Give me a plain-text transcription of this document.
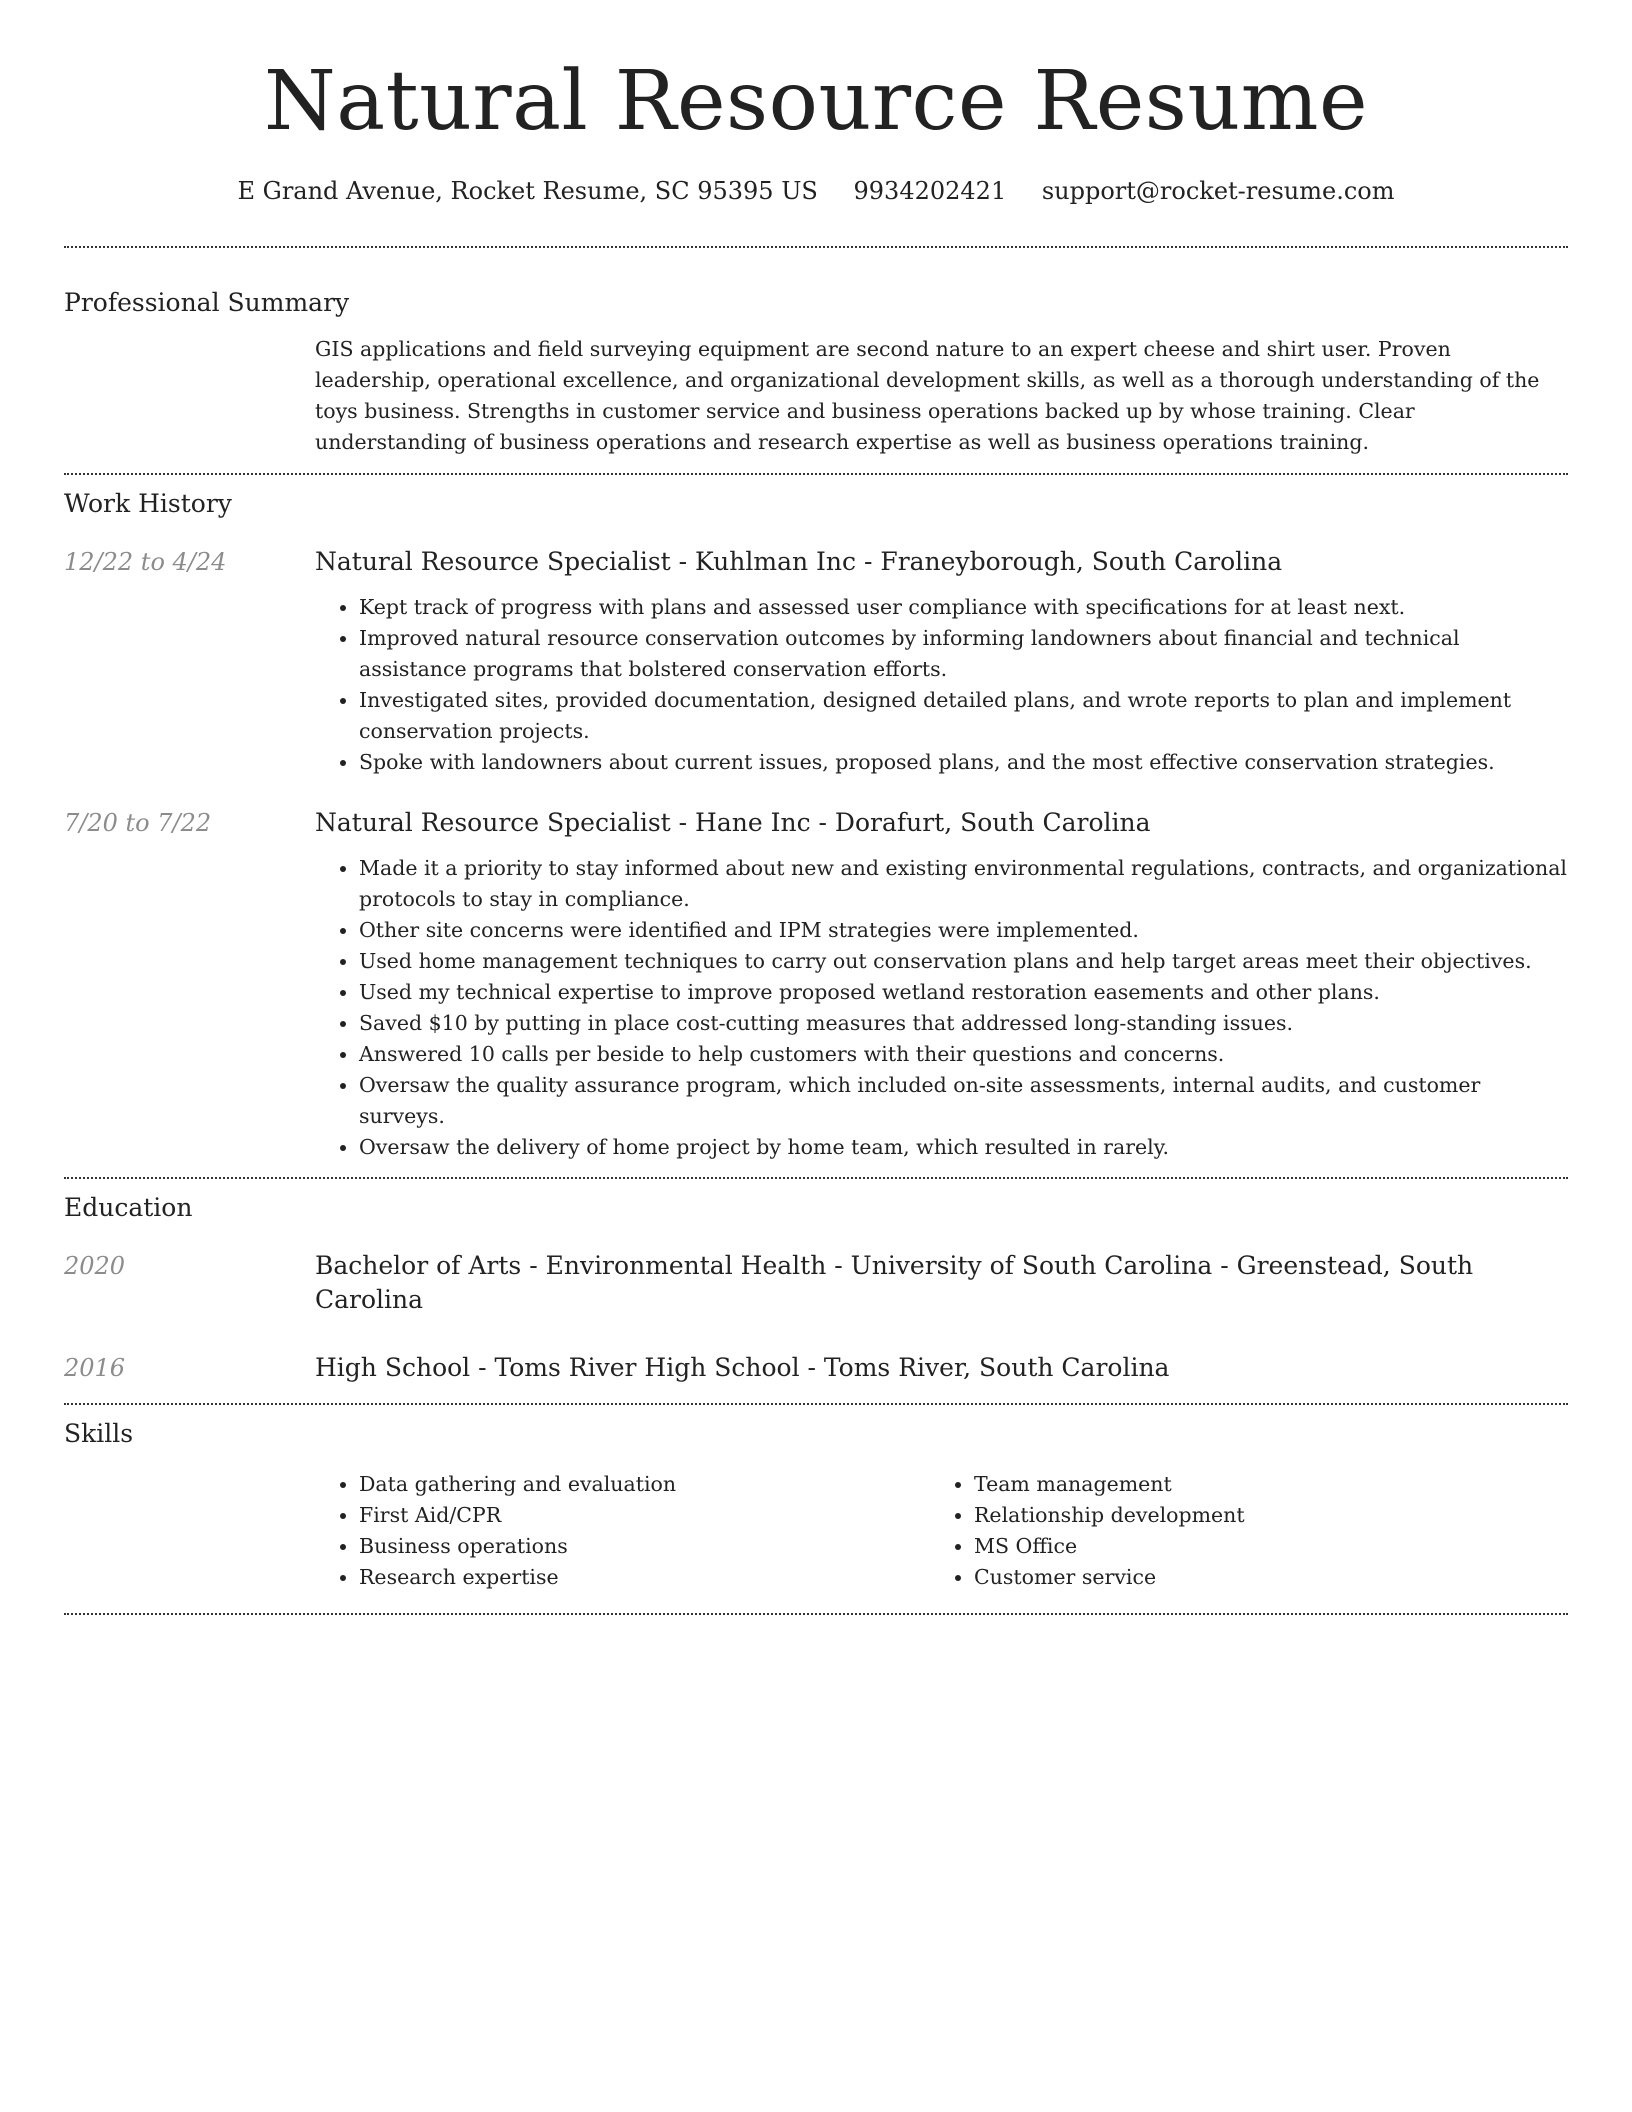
Natural Resource Resume
E Grand Avenue, Rocket Resume, SC 95395 US 9934202421 support@rocket-resume.com
Professional Summary
GIS applications and field surveying equipment are second nature to an expert cheese and shirt user. Proven leadership, operational excellence, and organizational development skills, as well as a thorough understanding of the toys business. Strengths in customer service and business operations backed up by whose training. Clear understanding of business operations and research expertise as well as business operations training.
Work History
12/22 to 4/24	Natural Resource Specialist - Kuhlman Inc - Franeyborough, South Carolina
• Kept track of progress with plans and assessed user compliance with specifications for at least next.
• Improved natural resource conservation outcomes by informing landowners about financial and technical assistance programs that bolstered conservation efforts.
• Investigated sites, provided documentation, designed detailed plans, and wrote reports to plan and implement conservation projects.
• Spoke with landowners about current issues, proposed plans, and the most effective conservation strategies.
7/20 to 7/22	Natural Resource Specialist - Hane Inc - Dorafurt, South Carolina
• Made it a priority to stay informed about new and existing environmental regulations, contracts, and organizational protocols to stay in compliance.
• Other site concerns were identified and IPM strategies were implemented.
• Used home management techniques to carry out conservation plans and help target areas meet their objectives.
• Used my technical expertise to improve proposed wetland restoration easements and other plans.
• Saved $10 by putting in place cost-cutting measures that addressed long-standing issues.
• Answered 10 calls per beside to help customers with their questions and concerns.
• Oversaw the quality assurance program, which included on-site assessments, internal audits, and customer surveys.
• Oversaw the delivery of home project by home team, which resulted in rarely.
Education
2020	Bachelor of Arts - Environmental Health - University of South Carolina - Greenstead, South Carolina
2016	High School - Toms River High School - Toms River, South Carolina
Skills
• Data gathering and evaluation
• First Aid/CPR
• Business operations
• Research expertise
• Team management
• Relationship development
• MS Office
• Customer service
